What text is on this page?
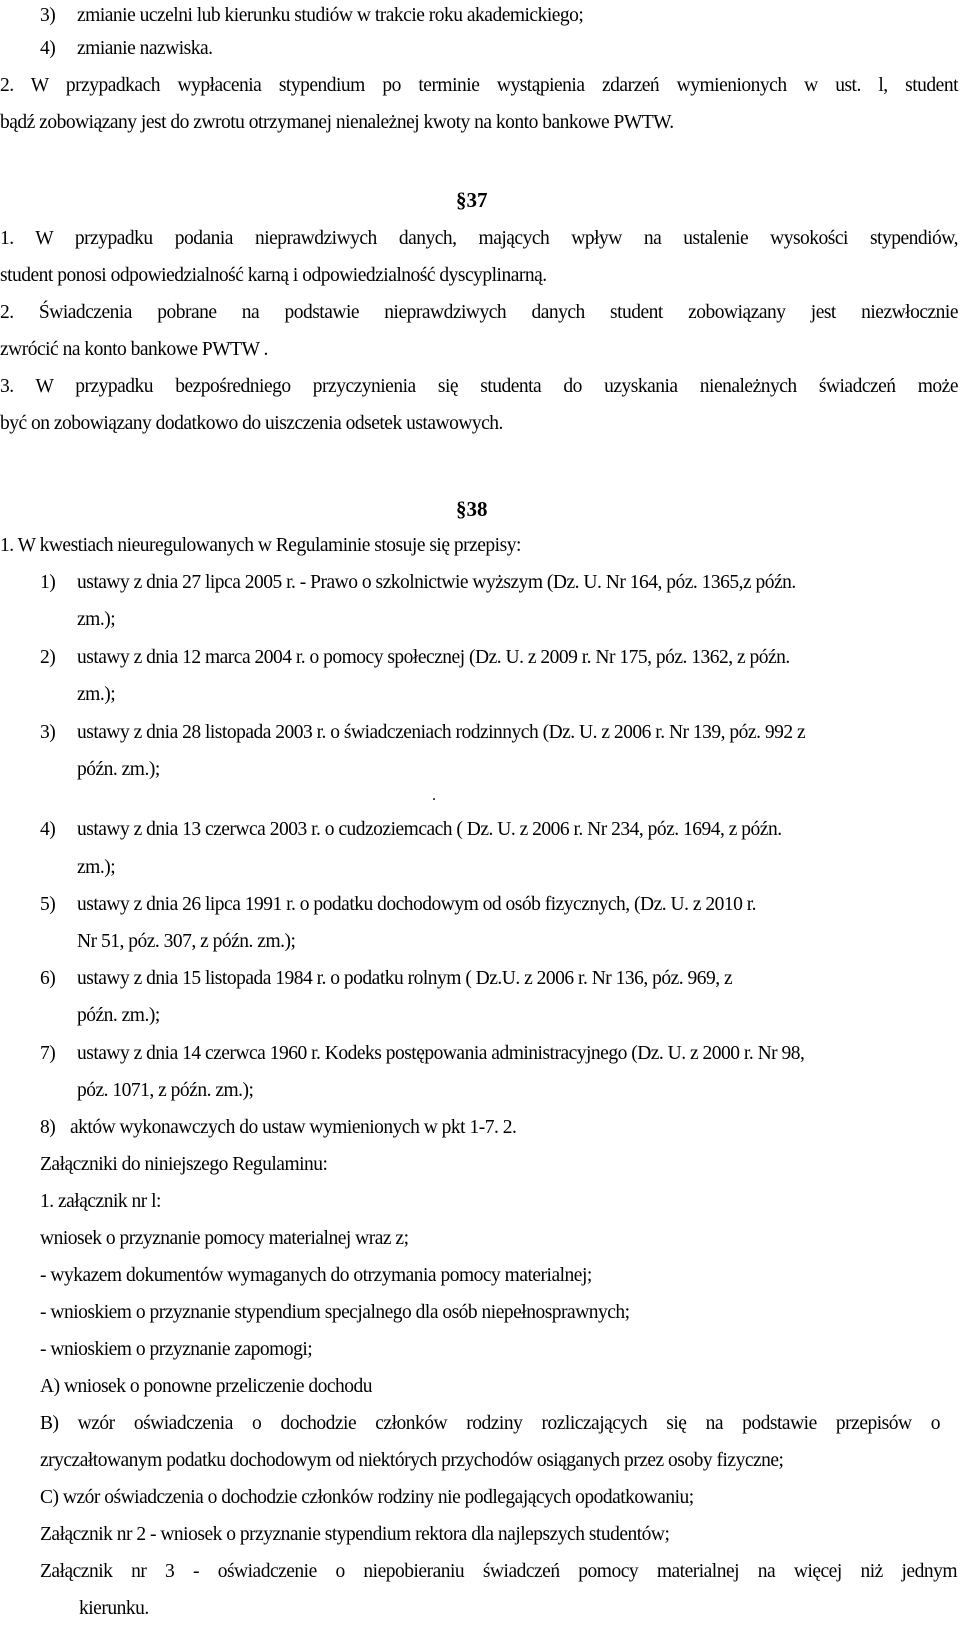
3) zmianie uczelni lub kierunku studiów w trakcie roku akademickiego;
4) zmianie nazwiska.
2. W przypadkach wypłacenia stypendium po terminie wystąpienia zdarzeń wymienionych w ust. l, student
bądź zobowiązany jest do zwrotu otrzymanej nienależnej kwoty na konto bankowe PWTW.
§37
1. W przypadku podania nieprawdziwych danych, mających wpływ na ustalenie wysokości stypendiów,
student ponosi odpowiedzialność karną i odpowiedzialność dyscyplinarną.
2. Świadczenia pobrane na podstawie nieprawdziwych danych student zobowiązany jest niezwłocznie
zwrócić na konto bankowe PWTW .
3. W przypadku bezpośredniego przyczynienia się studenta do uzyskania nienależnych świadczeń może
być on zobowiązany dodatkowo do uiszczenia odsetek ustawowych.
§38
1. W kwestiach nieuregulowanych w Regulaminie stosuje się przepisy:
1) ustawy z dnia 27 lipca 2005 r. - Prawo o szkolnictwie wyższym (Dz. U. Nr 164, póz. 1365,z późn.
zm.);
2) ustawy z dnia 12 marca 2004 r. o pomocy społecznej (Dz. U. z 2009 r. Nr 175, póz. 1362, z późn.
zm.);
3) ustawy z dnia 28 listopada 2003 r. o świadczeniach rodzinnych (Dz. U. z 2006 r. Nr 139, póz. 992 z
późn. zm.);
.
4) ustawy z dnia 13 czerwca 2003 r. o cudzoziemcach ( Dz. U. z 2006 r. Nr 234, póz. 1694, z późn.
zm.);
5) ustawy z dnia 26 lipca 1991 r. o podatku dochodowym od osób fizycznych, (Dz. U. z 2010 r.
Nr 51, póz. 307, z późn. zm.);
6) ustawy z dnia 15 listopada 1984 r. o podatku rolnym ( Dz.U. z 2006 r. Nr 136, póz. 969, z
późn. zm.);
7) ustawy z dnia 14 czerwca 1960 r. Kodeks postępowania administracyjnego (Dz. U. z 2000 r. Nr 98,
póz. 1071, z późn. zm.);
8) aktów wykonawczych do ustaw wymienionych w pkt 1-7. 2.
Załączniki do niniejszego Regulaminu:
1. załącznik nr l:
wniosek o przyznanie pomocy materialnej wraz z;
- wykazem dokumentów wymaganych do otrzymania pomocy materialnej;
- wnioskiem o przyznanie stypendium specjalnego dla osób niepełnosprawnych;
- wnioskiem o przyznanie zapomogi;
A) wniosek o ponowne przeliczenie dochodu
B) wzór oświadczenia o dochodzie członków rodziny rozliczających się na podstawie przepisów o
zryczałtowanym podatku dochodowym od niektórych przychodów osiąganych przez osoby fizyczne;
C) wzór oświadczenia o dochodzie członków rodziny nie podlegających opodatkowaniu;
Załącznik nr 2 - wniosek o przyznanie stypendium rektora dla najlepszych studentów;
Załącznik nr 3 - oświadczenie o niepobieraniu świadczeń pomocy materialnej na więcej niż jednym
kierunku.
